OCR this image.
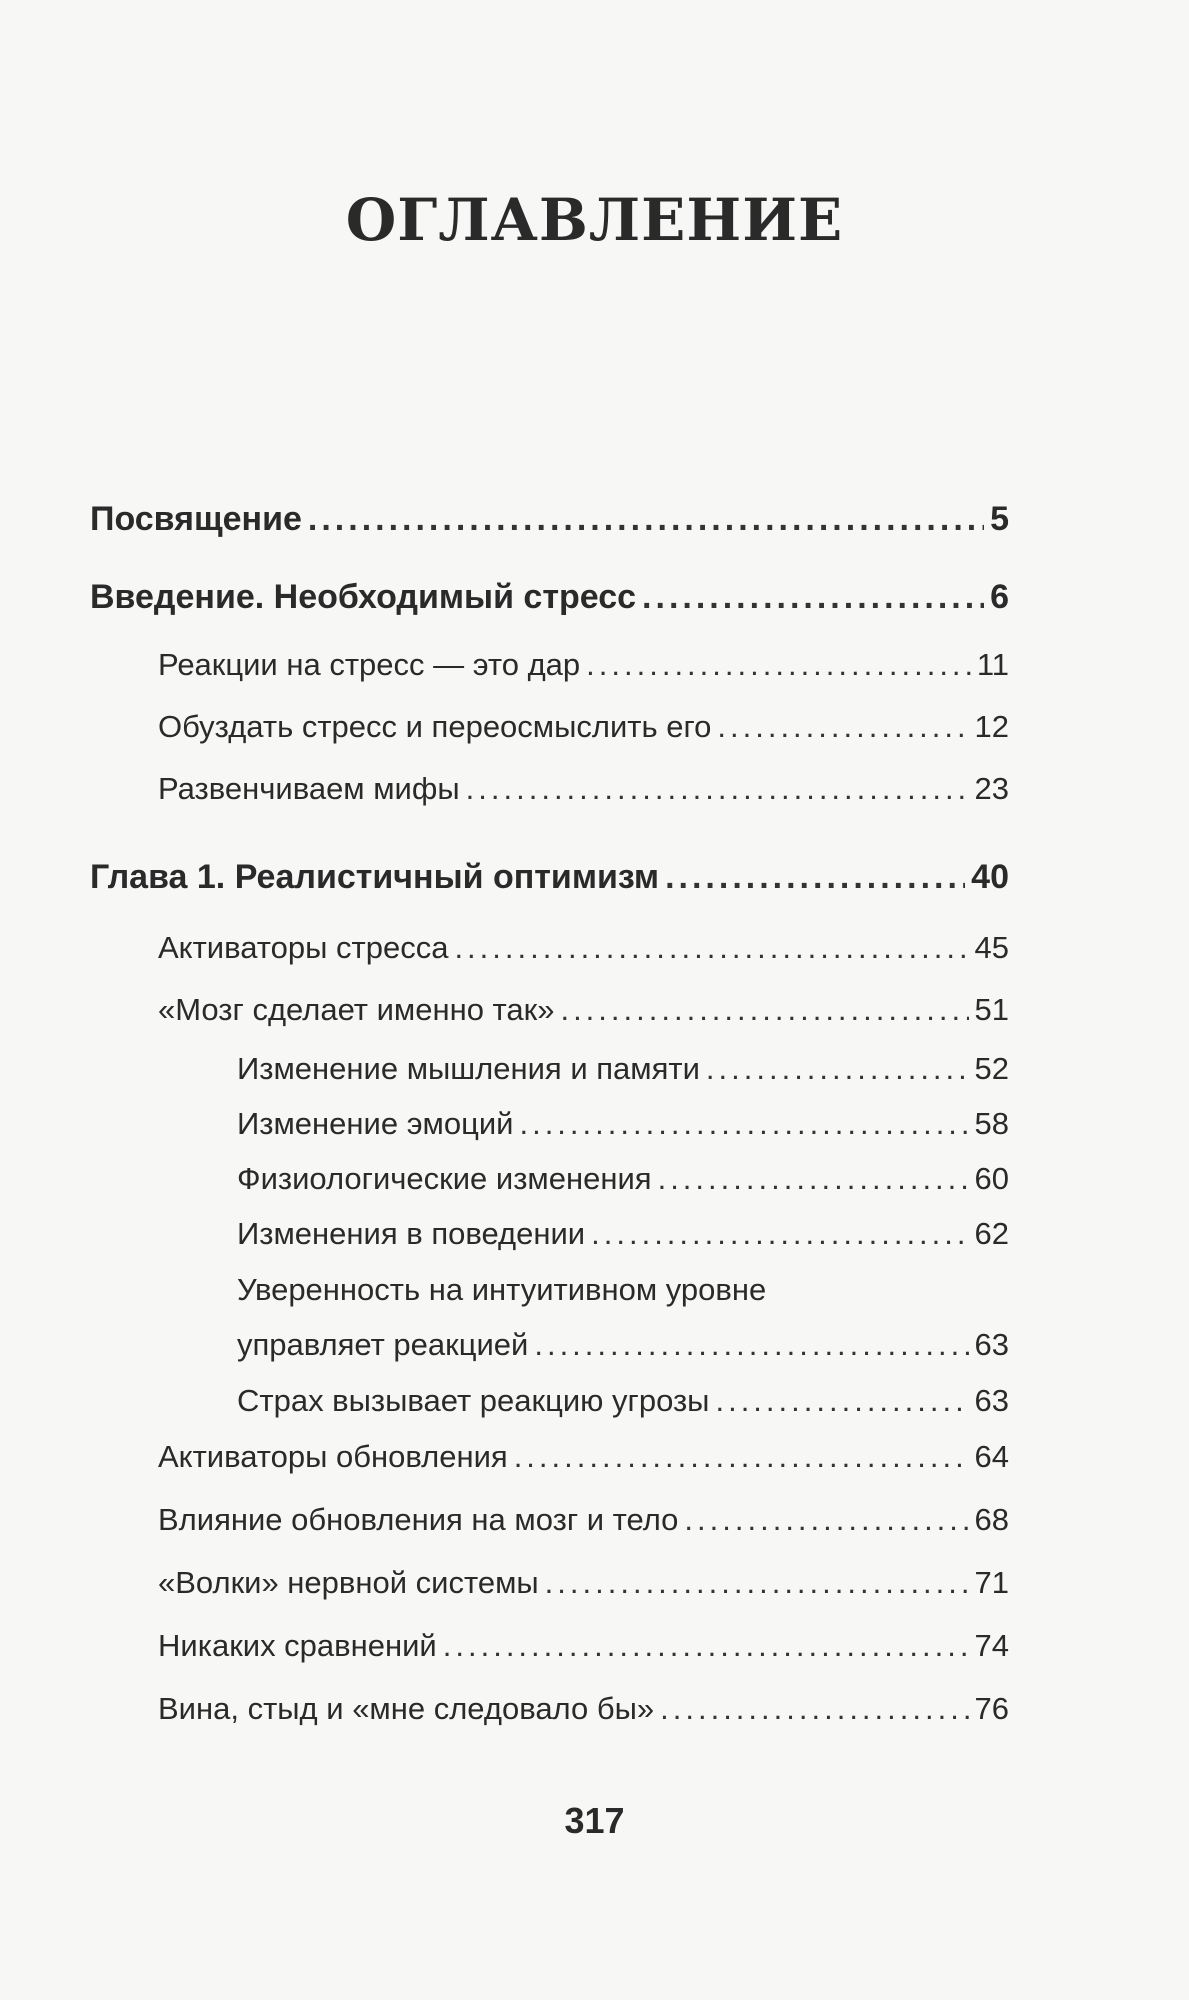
ОГЛАВЛЕНИЕ
Посвящение .....	5
Введение. Необходимый стресс .....	6
Реакции на стресс — это дар .....	11
Обуздать стресс и переосмыслить его .....	12
Развенчиваем мифы .....	23
Глава 1. Реалистичный оптимизм .....	40
Активаторы стресса .....	45
«Мозг сделает именно так» .....	51
Изменение мышления и памяти .....	52
Изменение эмоций .....	58
Физиологические изменения .....	60
Изменения в поведении .....	62
Уверенность на интуитивном уровне
управляет реакцией .....	63
Страх вызывает реакцию угрозы .....	63
Активаторы обновления .....	64
Влияние обновления на мозг и тело .....	68
«Волки» нервной системы .....	71
Никаких сравнений .....	74
Вина, стыд и «мне следовало бы» .....	76
317
